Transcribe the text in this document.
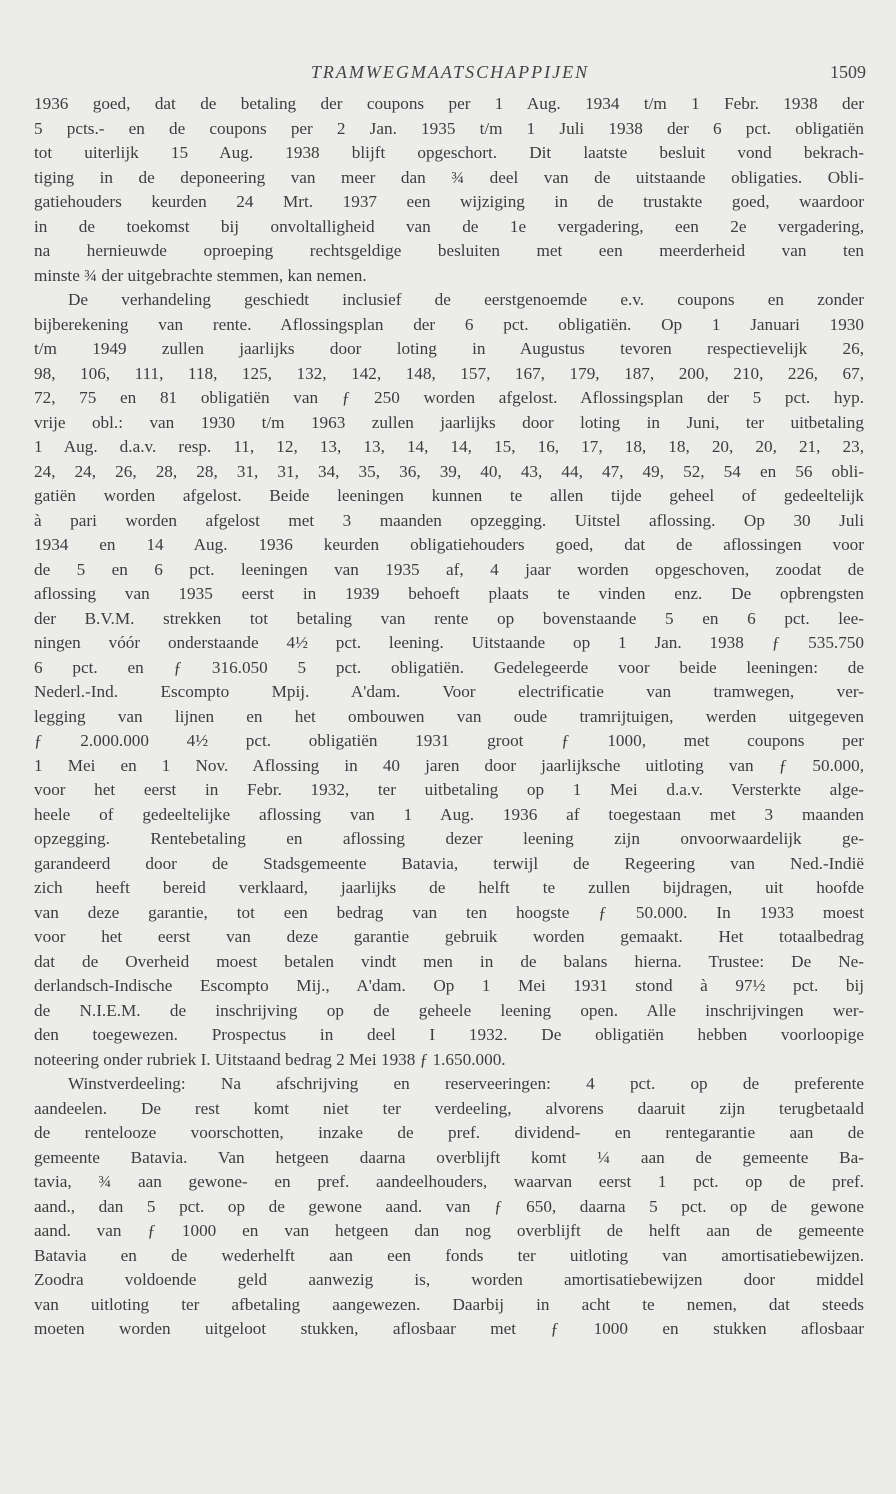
TRAMWEGMAATSCHAPPIJEN	1509
1936 goed, dat de betaling der coupons per 1 Aug. 1934 t/m 1 Febr. 1938 der
5 pcts.- en de coupons per 2 Jan. 1935 t/m 1 Juli 1938 der 6 pct. obligatiën
tot uiterlijk 15 Aug. 1938 blijft opgeschort. Dit laatste besluit vond bekrach-
tiging in de deponeering van meer dan ¾ deel van de uitstaande obligaties. Obli-
gatiehouders keurden 24 Mrt. 1937 een wijziging in de trustakte goed, waardoor
in de toekomst bij onvoltalligheid van de 1e vergadering, een 2e vergadering,
na hernieuwde oproeping rechtsgeldige besluiten met een meerderheid van ten
minste ¾ der uitgebrachte stemmen, kan nemen.
De verhandeling geschiedt inclusief de eerstgenoemde e.v. coupons en zonder
bijberekening van rente. Aflossingsplan der 6 pct. obligatiën. Op 1 Januari 1930
t/m 1949 zullen jaarlijks door loting in Augustus tevoren respectievelijk 26,
98, 106, 111, 118, 125, 132, 142, 148, 157, 167, 179, 187, 200, 210, 226, 67,
72, 75 en 81 obligatiën van ƒ 250 worden afgelost. Aflossingsplan der 5 pct. hyp.
vrije obl.: van 1930 t/m 1963 zullen jaarlijks door loting in Juni, ter uitbetaling
1 Aug. d.a.v. resp. 11, 12, 13, 13, 14, 14, 15, 16, 17, 18, 18, 20, 20, 21, 23,
24, 24, 26, 28, 28, 31, 31, 34, 35, 36, 39, 40, 43, 44, 47, 49, 52, 54 en 56 obli-
gatiën worden afgelost. Beide leeningen kunnen te allen tijde geheel of gedeeltelijk
à pari worden afgelost met 3 maanden opzegging. Uitstel aflossing. Op 30 Juli
1934 en 14 Aug. 1936 keurden obligatiehouders goed, dat de aflossingen voor
de 5 en 6 pct. leeningen van 1935 af, 4 jaar worden opgeschoven, zoodat de
aflossing van 1935 eerst in 1939 behoeft plaats te vinden enz. De opbrengsten
der B.V.M. strekken tot betaling van rente op bovenstaande 5 en 6 pct. lee-
ningen vóór onderstaande 4½ pct. leening. Uitstaande op 1 Jan. 1938 ƒ 535.750
6 pct. en ƒ 316.050 5 pct. obligatiën. Gedelegeerde voor beide leeningen: de
Nederl.-Ind. Escompto Mpij. A'dam. Voor electrificatie van tramwegen, ver-
legging van lijnen en het ombouwen van oude tramrijtuigen, werden uitgegeven
ƒ 2.000.000 4½ pct. obligatiën 1931 groot ƒ 1000, met coupons per
1 Mei en 1 Nov. Aflossing in 40 jaren door jaarlijksche uitloting van ƒ 50.000,
voor het eerst in Febr. 1932, ter uitbetaling op 1 Mei d.a.v. Versterkte alge-
heele of gedeeltelijke aflossing van 1 Aug. 1936 af toegestaan met 3 maanden
opzegging. Rentebetaling en aflossing dezer leening zijn onvoorwaardelijk ge-
garandeerd door de Stadsgemeente Batavia, terwijl de Regeering van Ned.-Indië
zich heeft bereid verklaard, jaarlijks de helft te zullen bijdragen, uit hoofde
van deze garantie, tot een bedrag van ten hoogste ƒ 50.000. In 1933 moest
voor het eerst van deze garantie gebruik worden gemaakt. Het totaalbedrag
dat de Overheid moest betalen vindt men in de balans hierna. Trustee: De Ne-
derlandsch-Indische Escompto Mij., A'dam. Op 1 Mei 1931 stond à 97½ pct. bij
de N.I.E.M. de inschrijving op de geheele leening open. Alle inschrijvingen wer-
den toegewezen. Prospectus in deel I 1932. De obligatiën hebben voorloopige
noteering onder rubriek I. Uitstaand bedrag 2 Mei 1938 ƒ 1.650.000.
Winstverdeeling: Na afschrijving en reserveeringen: 4 pct. op de preferente
aandeelen. De rest komt niet ter verdeeling, alvorens daaruit zijn terugbetaald
de rentelooze voorschotten, inzake de pref. dividend- en rentegarantie aan de
gemeente Batavia. Van hetgeen daarna overblijft komt ¼ aan de gemeente Ba-
tavia, ¾ aan gewone- en pref. aandeelhouders, waarvan eerst 1 pct. op de pref.
aand., dan 5 pct. op de gewone aand. van ƒ 650, daarna 5 pct. op de gewone
aand. van ƒ 1000 en van hetgeen dan nog overblijft de helft aan de gemeente
Batavia en de wederhelft aan een fonds ter uitloting van amortisatiebewijzen.
Zoodra voldoende geld aanwezig is, worden amortisatiebewijzen door middel
van uitloting ter afbetaling aangewezen. Daarbij in acht te nemen, dat steeds
moeten worden uitgeloot stukken, aflosbaar met ƒ 1000 en stukken aflosbaar
